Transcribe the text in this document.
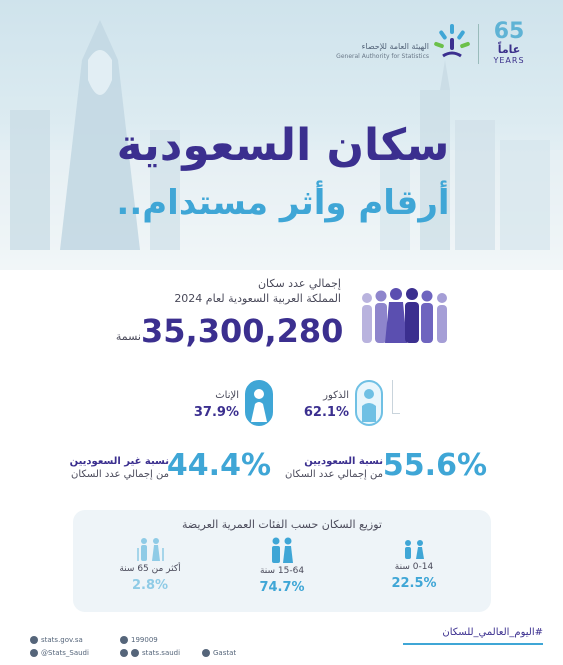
65
عاماً
YEARS
الهيئة العامة للإحصاء
General Authority for Statistics
سكان السعودية
أرقام وأثر مستدام..
إجمالي عدد سكان
المملكة العربية السعودية لعام 2024
35,300,280
نسمة
الذكور
62.1%
الإناث
37.9%
55.6%
نسبة السعوديين
من إجمالي عدد السكان
44.4%
نسبة غير السعوديين
من إجمالي عدد السكان
توزيع السكان حسب الفئات العمرية العريضة
0-14 سنة
22.5%
15-64 سنة
74.7%
أكثر من 65 سنة
2.8%
stats.gov.sa	199009
@Stats_Saudi	stats.saudi	Gastat
#اليوم_العالمي_للسكان
